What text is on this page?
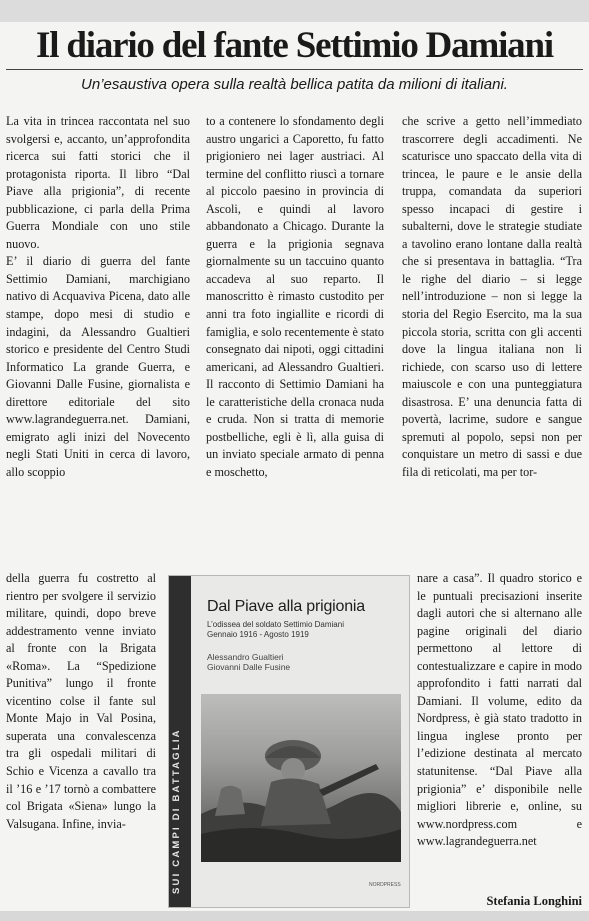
Il diario del fante Settimio Damiani
Un’esaustiva opera sulla realtà bellica patita da milioni di italiani.

La vita in trincea raccontata nel suo svolgersi e, accanto, un’approfondita ricerca sui fatti storici che il protagonista riporta. Il libro “Dal Piave alla prigionia”, di recente pubblicazione, ci parla della Prima Guerra Mondiale con uno stile nuovo.

E’ il diario di guerra del fante Settimio Damiani, marchigiano nativo di Acquaviva Picena, dato alle stampe, dopo mesi di studio e indagini, da Alessandro Gualtieri storico e presidente del Centro Studi Informatico La grande Guerra, e Giovanni Dalle Fusine, giornalista e direttore editoriale del sito www.lagrandeguerra.net. Damiani, emigrato agli inizi del Novecento negli Stati Uniti in cerca di lavoro, allo scoppio

della guerra fu costretto al rientro per svolgere il servizio militare, quindi, dopo breve addestramento venne inviato al fronte con la Brigata «Roma». La “Spedizione Punitiva” lungo il fronte vicentino colse il fante sul Monte Majo in Val Posina, superata una convalescenza tra gli ospedali militari di Schio e Vicenza a cavallo tra il ’16 e ’17 tornò a combattere col Brigata «Siena» lungo la Valsugana. Infine, invia-

to a contenere lo sfondamento degli austro ungarici a Caporetto, fu fatto prigioniero nei lager austriaci. Al termine del conflitto riuscì a tornare al piccolo paesino in provincia di Ascoli, e quindi al lavoro abbandonato a Chicago. Durante la guerra e la prigionia segnava giornalmente su un taccuino quanto accadeva al suo reparto. Il manoscritto è rimasto custodito per anni tra foto ingiallite e ricordi di famiglia, e solo recentemente è stato consegnato dai nipoti, oggi cittadini americani, ad Alessandro Gualtieri. Il racconto di Settimio Damiani ha le caratteristiche della cronaca nuda e cruda. Non si tratta di memorie postbelliche, egli è lì, alla guisa di un inviato speciale armato di penna e moschetto,

che scrive a getto nell’immediato trascorrere degli accadimenti. Ne scaturisce uno spaccato della vita di trincea, le paure e le ansie della truppa, comandata da superiori spesso incapaci di gestire i subalterni, dove le strategie studiate a tavolino erano lontane dalla realtà che si presentava in battaglia. “Tra le righe del diario – si legge nell’introduzione – non si legge la storia del Regio Esercito, ma la sua piccola storia, scritta con gli accenti dove la lingua italiana non li richiede, con scarso uso di lettere maiuscole e con una punteggiatura disastrosa. E’ una denuncia fatta di povertà, lacrime, sudore e sangue spremuti al popolo, sepsi non per conquistare un metro di sassi e due fila di reticolati, ma per tor-

nare a casa”. Il quadro storico e le puntuali precisazioni inserite dagli autori che si alternano alle pagine originali del diario permettono al lettore di contestualizzare e capire in modo approfondito i fatti narrati dal Damiani. Il volume, edito da Nordpress, è già stato tradotto in lingua inglese pronto per l’edizione destinata al mercato statunitense. “Dal Piave alla prigionia” e’ disponibile nelle migliori librerie e, online, su www.nordpress.com e www.lagrandeguerra.net

SUI CAMPI DI BATTAGLIA
Dal Piave alla prigionia
L’odissea del soldato Settimio Damiani
Gennaio 1916 - Agosto 1919
Alessandro Gualtieri
Giovanni Dalle Fusine
NORDPRESS
Stefania Longhini
